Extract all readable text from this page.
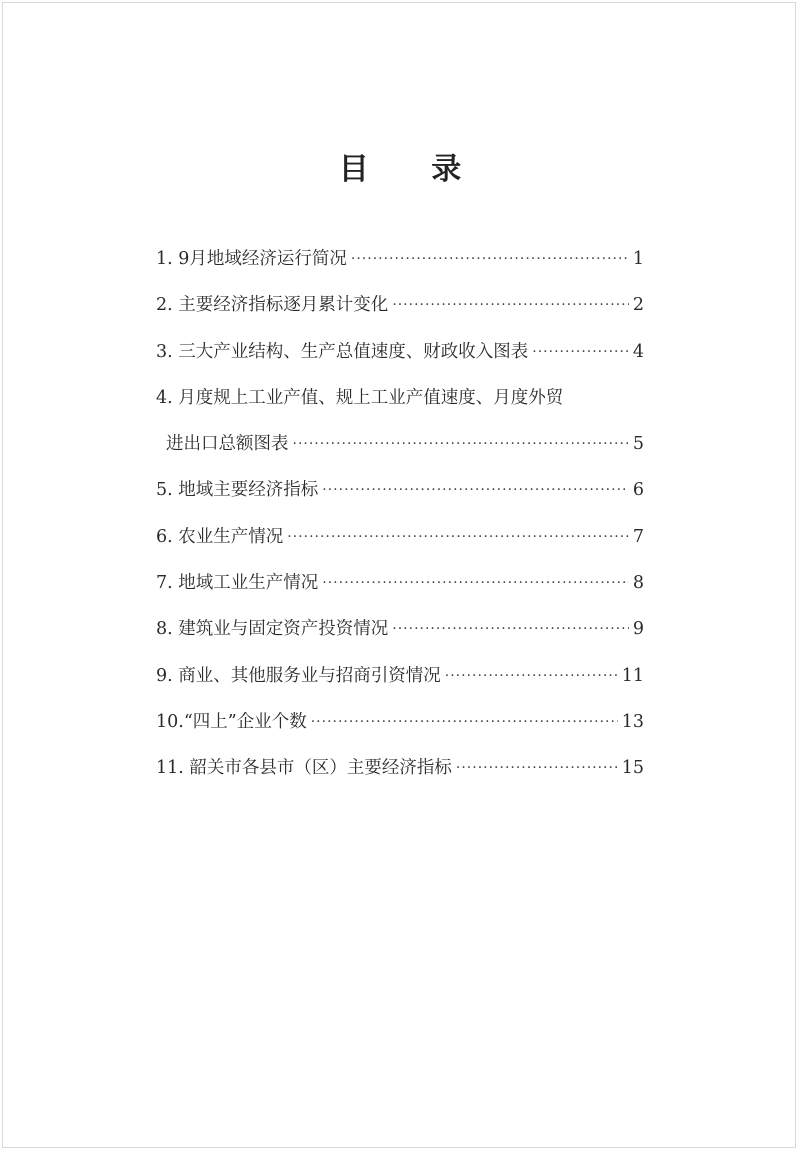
目 录
1. 9月地域经济运行简况 ·····	1
2. 主要经济指标逐月累计变化 ·····	2
3. 三大产业结构、生产总值速度、财政收入图表 ·····	4
4. 月度规上工业产值、规上工业产值速度、月度外贸
进出口总额图表 ·····	5
5. 地域主要经济指标 ·····	6
6. 农业生产情况 ·····	7
7. 地域工业生产情况 ·····	8
8. 建筑业与固定资产投资情况 ·····	9
9. 商业、其他服务业与招商引资情况 ·····	11
10.“四上”企业个数 ·····	13
11. 韶关市各县市（区）主要经济指标 ·····	15
